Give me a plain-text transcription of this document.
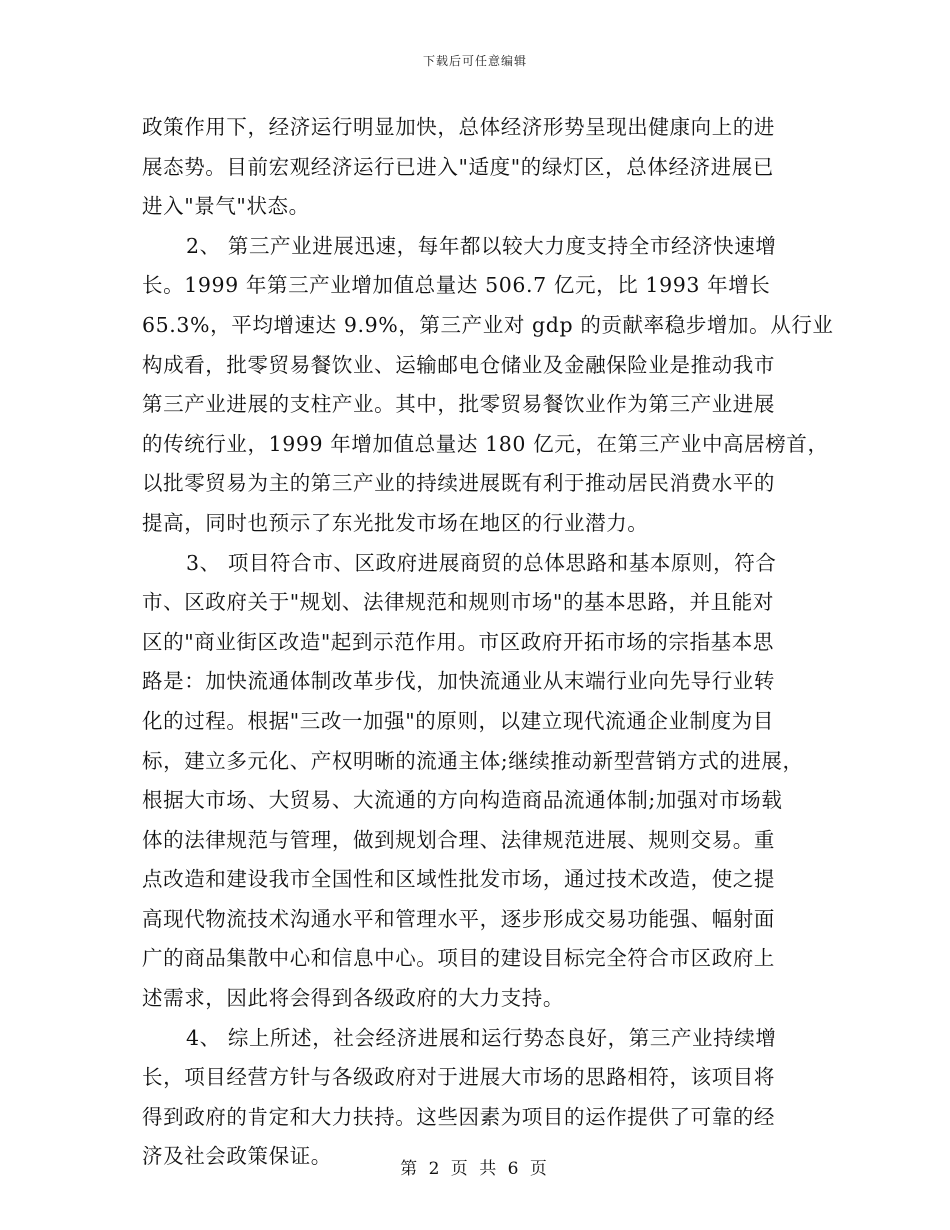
下载后可任意编辑
政策作用下，经济运行明显加快，总体经济形势呈现出健康向上的进
展态势。目前宏观经济运行已进入"适度"的绿灯区，总体经济进展已
进入"景气"状态。
2、 第三产业进展迅速，每年都以较大力度支持全市经济快速增
长。1999 年第三产业增加值总量达 506.7 亿元，比 1993 年增长
65.3%，平均增速达 9.9%，第三产业对 gdp 的贡献率稳步增加。从行业
构成看，批零贸易餐饮业、运输邮电仓储业及金融保险业是推动我市
第三产业进展的支柱产业。其中，批零贸易餐饮业作为第三产业进展
的传统行业，1999 年增加值总量达 180 亿元，在第三产业中高居榜首，
以批零贸易为主的第三产业的持续进展既有利于推动居民消费水平的
提高，同时也预示了东光批发市场在地区的行业潜力。
3、 项目符合市、区政府进展商贸的总体思路和基本原则，符合
市、区政府关于"规划、法律规范和规则市场"的基本思路，并且能对
区的"商业街区改造"起到示范作用。市区政府开拓市场的宗指基本思
路是：加快流通体制改革步伐，加快流通业从末端行业向先导行业转
化的过程。根据"三改一加强"的原则，以建立现代流通企业制度为目
标，建立多元化、产权明晰的流通主体;继续推动新型营销方式的进展，
根据大市场、大贸易、大流通的方向构造商品流通体制;加强对市场载
体的法律规范与管理，做到规划合理、法律规范进展、规则交易。重
点改造和建设我市全国性和区域性批发市场，通过技术改造，使之提
高现代物流技术沟通水平和管理水平，逐步形成交易功能强、幅射面
广的商品集散中心和信息中心。项目的建设目标完全符合市区政府上
述需求，因此将会得到各级政府的大力支持。
4、 综上所述，社会经济进展和运行势态良好，第三产业持续增
长，项目经营方针与各级政府对于进展大市场的思路相符，该项目将
得到政府的肯定和大力扶持。这些因素为项目的运作提供了可靠的经
济及社会政策保证。
第 2 页 共 6 页
